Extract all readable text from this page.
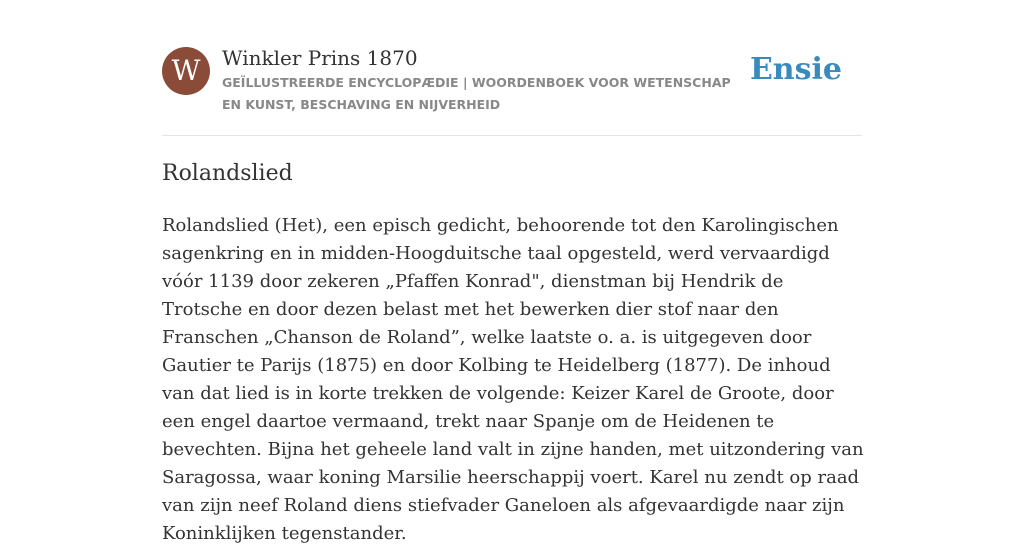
W	Winkler Prins 1870
GEÏLLUSTREERDE ENCYCLOPÆDIE | WOORDENBOEK VOOR WETENSCHAP EN KUNST, BESCHAVING EN NIJVERHEID
Ensie
Rolandslied

Rolandslied (Het), een episch gedicht, behoorende tot den Karolingischen sagenkring en in midden-Hoogduitsche taal opgesteld, werd vervaardigd vóór 1139 door zekeren „Pfaffen Konrad", dienstman bij Hendrik de Trotsche en door dezen belast met het bewerken dier stof naar den Franschen „Chanson de Roland”, welke laatste o. a. is uitgegeven door Gautier te Parijs (1875) en door Kolbing te Heidelberg (1877). De inhoud van dat lied is in korte trekken de volgende: Keizer Karel de Groote, door een engel daartoe vermaand, trekt naar Spanje om de Heidenen te bevechten. Bijna het geheele land valt in zijne handen, met uitzondering van Saragossa, waar koning Marsilie heerschappij voert. Karel nu zendt op raad van zijn neef Roland diens stiefvader Ganeloen als afgevaardigde naar zijn Koninklijken tegenstander.
